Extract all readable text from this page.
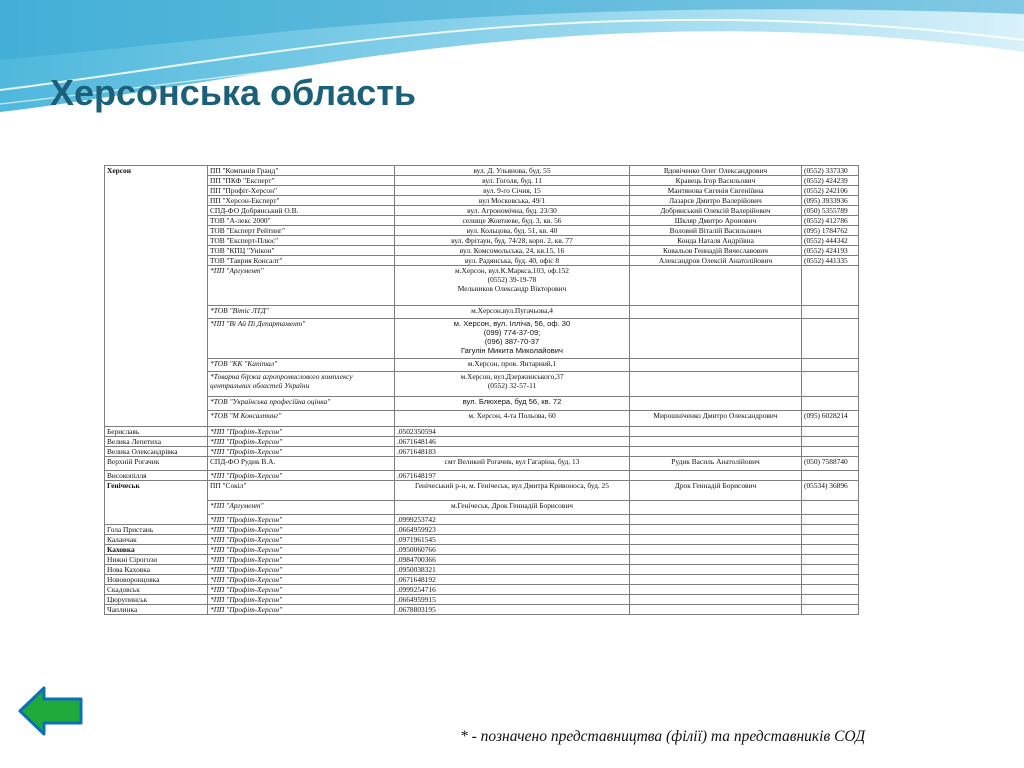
Херсонська область
Херсон	ПП "Компанія Гранд"	вул. Д. Ульянова, буд. 55	Вдовіченко Олег Олександрович	(0552) 337330
	ПП "ПКФ "Експерт"	вул. Гоголя, буд. 11	Кравець Ігор Васильович	(0552) 424239
	ПП "Профіт-Херсон"	вул. 9-го Січня, 15	Мантянова Євгенія Євгеніївна	(0552) 242106
	ПП "Херсон-Експерт"	вул Московська, 49/1	Лазарєв Дмитро Валерійович	(095) 3933936
	СПД-ФО Добрянський О.В.	вул. Агрономічна, буд. 23/30	Добрянський Олексій Валерійович	(050) 5355789
	ТОВ "А-лекс 2000"	селище Жовтневе, буд. 3, кв. 56	Шкляр Дмитро Аронович	(0552) 412786
	ТОВ "Експерт Рейтинг"	вул. Кольцова, буд. 51, кв. 40	Воловий Віталій Васильович	(095) 1784762
	ТОВ "Експерт-Плюс"	вул. Фрітаун, буд. 74/28, корп. 2, кв. 77	Конда Наталя Андріївна	(0552) 444342
	ТОВ "КПЦ "Унікон"	вул. Комсомольська, 24, кв.15, 16	Ковальов Геннадій Вячеславович	(0552) 424193
	ТОВ "Таврия Консалт"	вул. Радянська, буд. 40, офіс 8	Александров Олексій Анатолійович	(0552) 441335
	*ПП "Аргумент"	м.Херсон, вул.К.Маркса,103, оф.152
(0552) 39-19-78
Мельников Олександр Вікторович		
	*ТОВ "Вітіс ЛТД"	м.Херсон,вул.Пугачьова,4		
	*ПП "Ві Ай Пі Департамент"	м. Херсон, вул. Ілліча, 56, оф. 30
(099) 774-37-09;
(096) 387-70-37
Гагулін Микита Миколайович		
	*ТОВ "КК "Капітал"	м.Херсон, пров. Янтарний,1		
	*Товарна біржа агропромислового комплексу центральних областей України	м.Херсон, вул.Дзержинського,37
(0552) 32-57-11		
	*ТОВ "Українська професійна оцінка"	вул. Блюхера, буд 56, кв. 72		
	*ТОВ "М Консалтинг"	м. Херсон, 4-та Польова, 60	Мирошніченко Дмитро Олександрович	(095) 6028214
Бериславь	*ПП "Профіт-Херсон"	.0502350594		
Велика Лепетиха	*ПП "Профіт-Херсон"	.0671648146		
Велика Олександрівка	*ПП "Профіт-Херсон"	.0671648183		
Верхній Рогачик	СПД-ФО Рудик В.А.	смт Великий Рогачик, вул Гагаріна, буд. 13	Рудик Василь Анатолійович	(050) 7588740
Високопілля	*ПП "Профіт-Херсон"	.0671648197		
Генічеськ	ПП "Сокіл"	Генічеський р-н, м. Генічеськ, вул Дмитра Кривоноса, буд. 25	Дрок Геннадій Борисович	(05534) 36896
	*ПП "Аргумент"	м.Генічеськ, Дрок Геннадій Борисович		
	*ПП "Профіт-Херсон"	.0999253742		
Гола Пристань	*ПП "Профіт-Херсон"	.0664959923		
Каланчак	*ПП "Профіт-Херсон"	.0971961545		
Каховка	*ПП "Профіт-Херсон"	.0950060766		
Нижні Сірогози	*ПП "Профіт-Херсон"	.0984700366		
Нова Каховка	*ПП "Профіт-Херсон"	.0950038321		
Нововоронцовка	*ПП "Профіт-Херсон"	.0671648192		
Скадовськ	*ПП "Профіт-Херсон"	.0999254716		
Цюрупинськ	*ПП "Профіт-Херсон"	.0664959915		
Чаплинка	*ПП "Профіт-Херсон"	.0678803195		

* - позначено представництва (філії) та представників СОД
